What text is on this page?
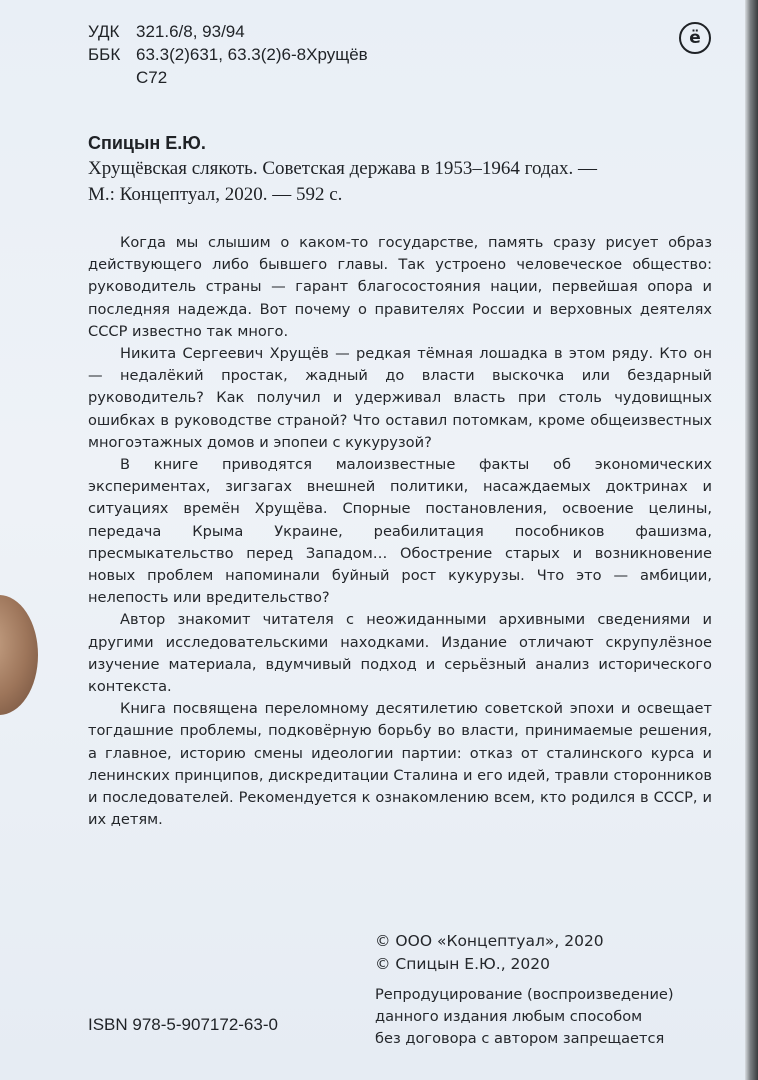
УДК 321.6/8, 93/94
ББК 63.3(2)631, 63.3(2)6-8Хрущёв
С72
ё
Спицын Е.Ю.
Хрущёвская слякоть. Советская держава в 1953–1964 годах. —
М.: Концептуал, 2020. — 592 с.

Когда мы слышим о каком-то государстве, память сразу рисует образ действующего либо бывшего главы. Так устроено человеческое общество: руководитель страны — гарант благосостояния нации, первейшая опора и последняя надежда. Вот почему о правителях России и верховных деятелях СССР известно так много.

Никита Сергеевич Хрущёв — редкая тёмная лошадка в этом ряду. Кто он — недалёкий простак, жадный до власти выскочка или бездарный руководитель? Как получил и удерживал власть при столь чудовищных ошибках в руководстве страной? Что оставил потомкам, кроме общеизвестных многоэтажных домов и эпопеи с кукурузой?

В книге приводятся малоизвестные факты об экономических экспериментах, зигзагах внешней политики, насаждаемых доктринах и ситуациях времён Хрущёва. Спорные постановления, освоение целины, передача Крыма Украине, реабилитация пособников фашизма, пресмыкательство перед Западом… Обострение старых и возникновение новых проблем напоминали буйный рост кукурузы. Что это — амбиции, нелепость или вредительство?

Автор знакомит читателя с неожиданными архивными сведениями и другими исследовательскими находками. Издание отличают скрупулёзное изучение материала, вдумчивый подход и серьёзный анализ исторического контекста.

Книга посвящена переломному десятилетию советской эпохи и освещает тогдашние проблемы, подковёрную борьбу во власти, принимаемые решения, а главное, историю смены идеологии партии: отказ от сталинского курса и ленинских принципов, дискредитации Сталина и его идей, травли сторонников и последователей. Рекомендуется к ознакомлению всем, кто родился в СССР, и их детям.

© ООО «Концептуал», 2020
© Спицын Е.Ю., 2020
Репродуцирование (воспроизведение)
данного издания любым способом
без договора с автором запрещается
ISBN 978-5-907172-63-0
